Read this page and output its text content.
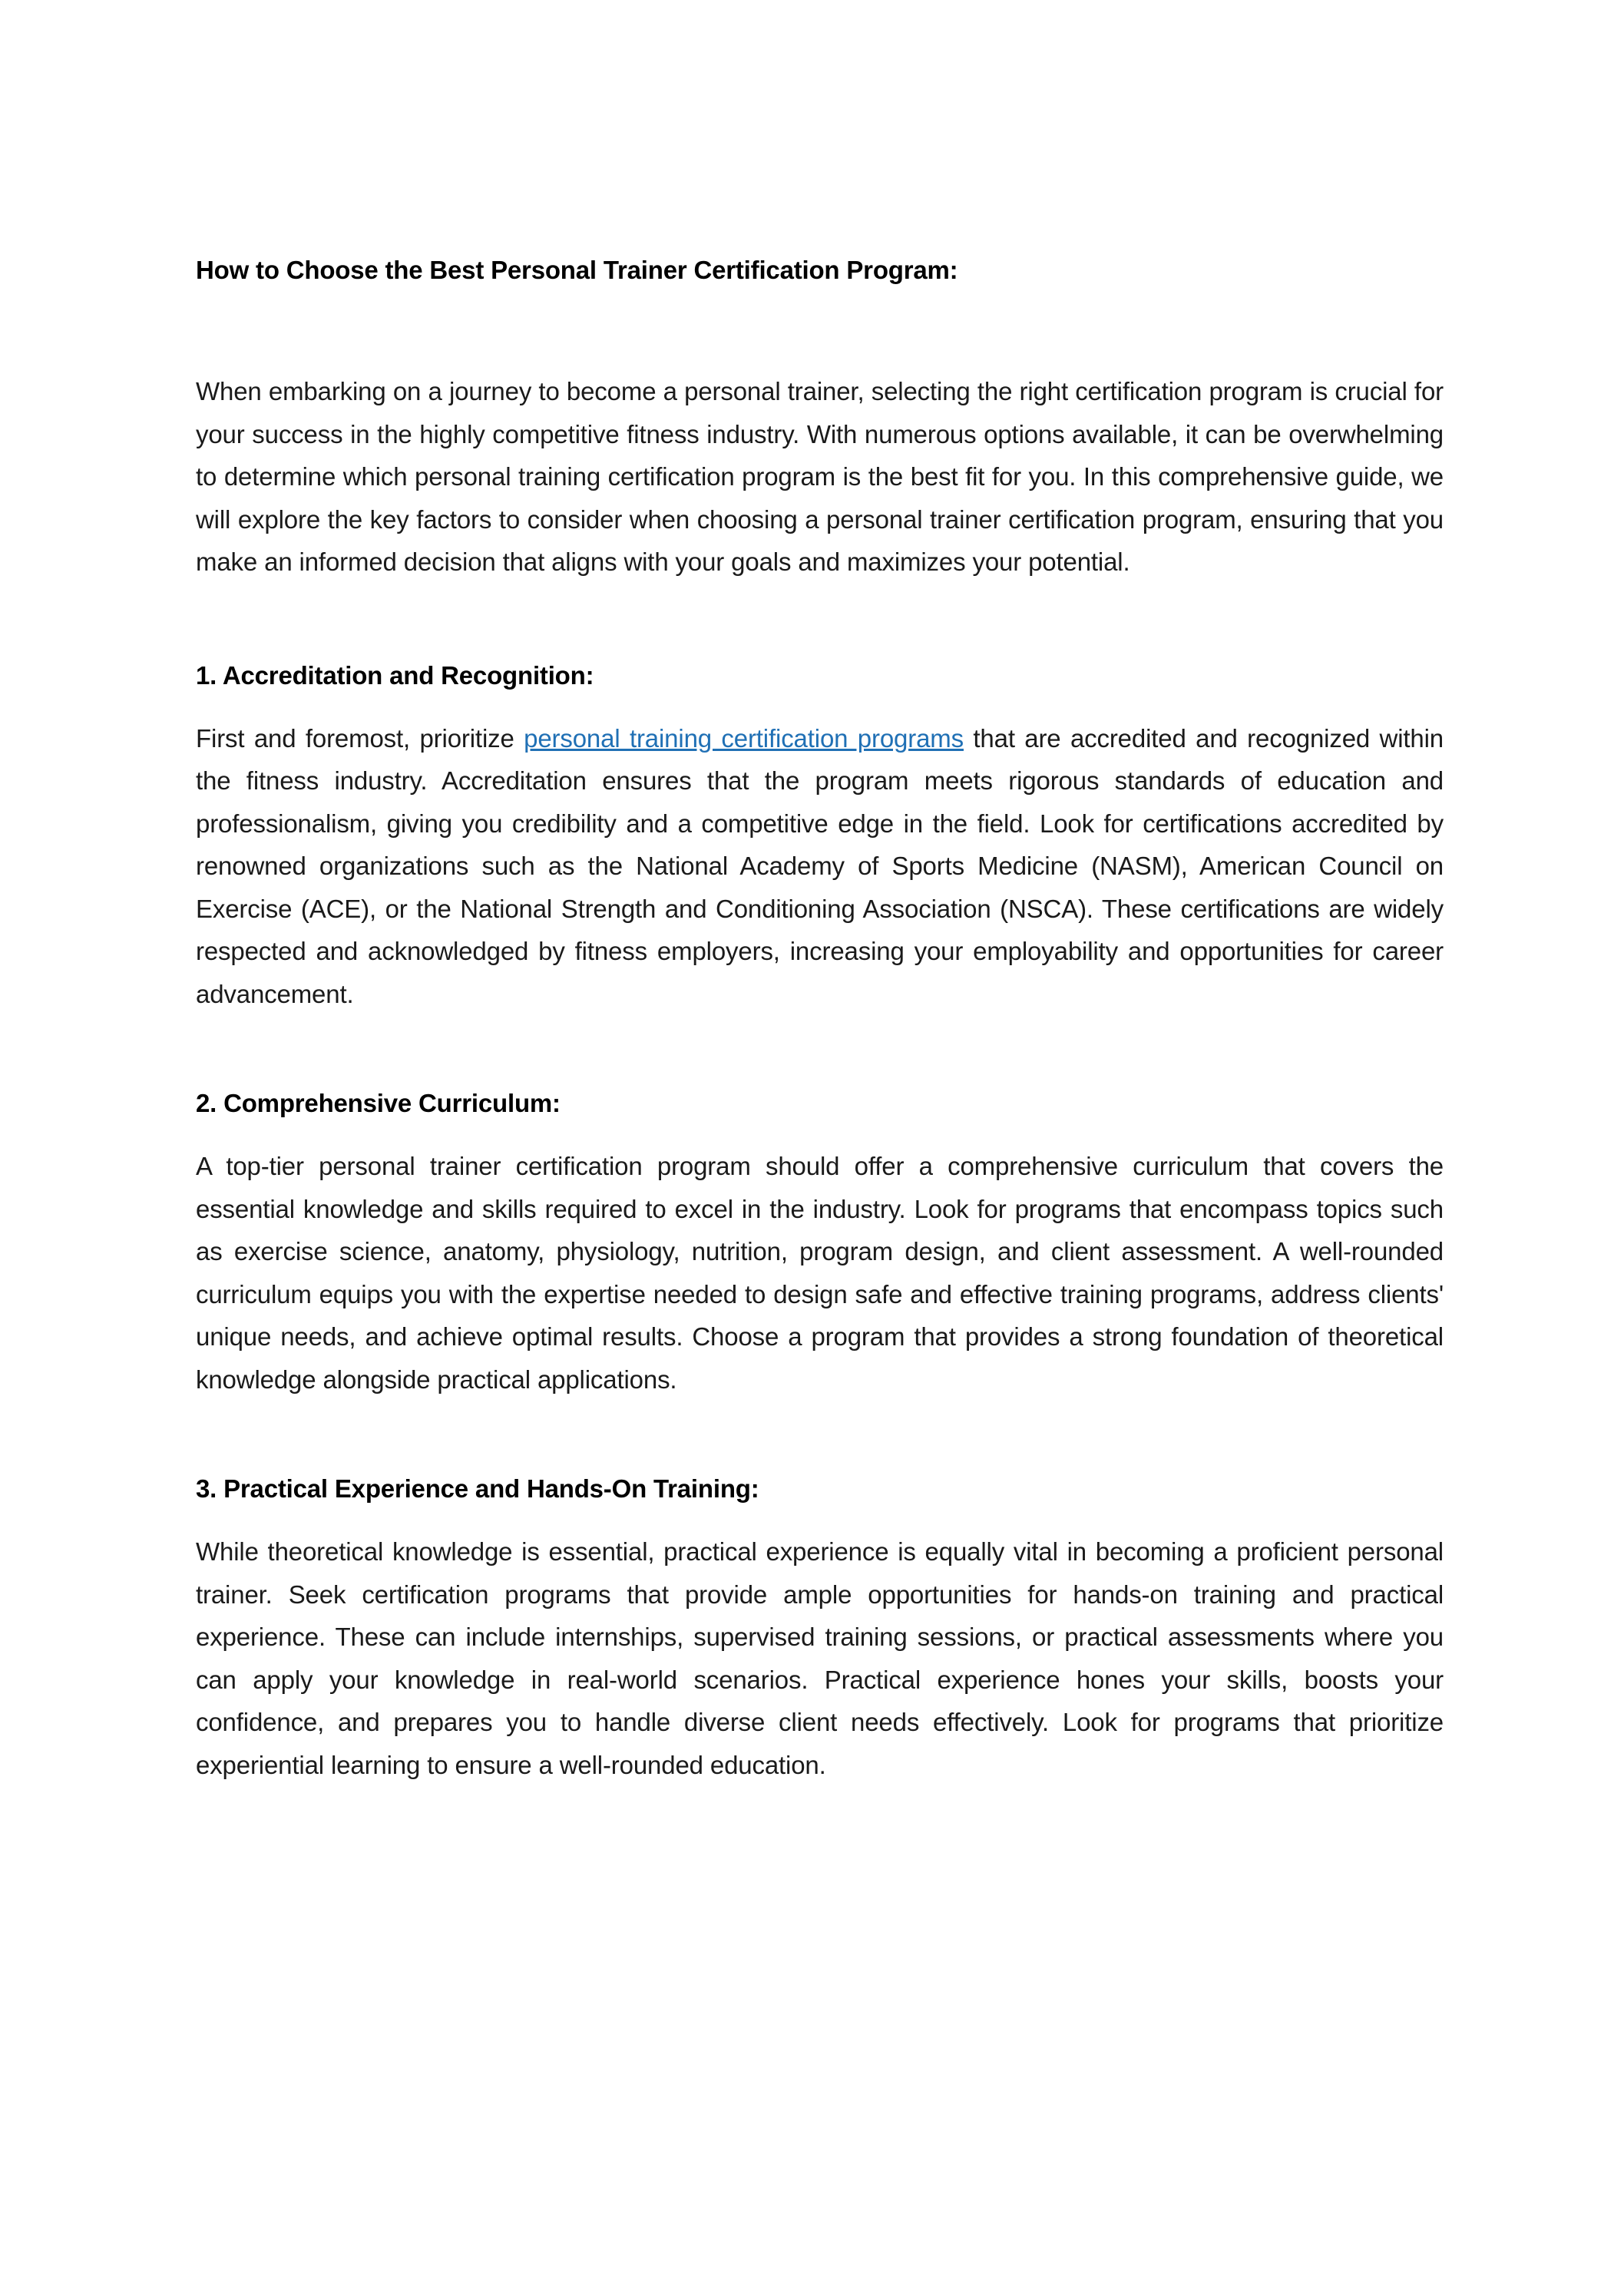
How to Choose the Best Personal Trainer Certification Program:

When embarking on a journey to become a personal trainer, selecting the right certification program is crucial for your success in the highly competitive fitness industry. With numerous options available, it can be overwhelming to determine which personal training certification program is the best fit for you. In this comprehensive guide, we will explore the key factors to consider when choosing a personal trainer certification program, ensuring that you make an informed decision that aligns with your goals and maximizes your potential.

1. Accreditation and Recognition:

First and foremost, prioritize personal training certification programs that are accredited and recognized within the fitness industry. Accreditation ensures that the program meets rigorous standards of education and professionalism, giving you credibility and a competitive edge in the field. Look for certifications accredited by renowned organizations such as the National Academy of Sports Medicine (NASM), American Council on Exercise (ACE), or the National Strength and Conditioning Association (NSCA). These certifications are widely respected and acknowledged by fitness employers, increasing your employability and opportunities for career advancement.

2. Comprehensive Curriculum:

A top-tier personal trainer certification program should offer a comprehensive curriculum that covers the essential knowledge and skills required to excel in the industry. Look for programs that encompass topics such as exercise science, anatomy, physiology, nutrition, program design, and client assessment. A well-rounded curriculum equips you with the expertise needed to design safe and effective training programs, address clients' unique needs, and achieve optimal results. Choose a program that provides a strong foundation of theoretical knowledge alongside practical applications.

3. Practical Experience and Hands-On Training:

While theoretical knowledge is essential, practical experience is equally vital in becoming a proficient personal trainer. Seek certification programs that provide ample opportunities for hands-on training and practical experience. These can include internships, supervised training sessions, or practical assessments where you can apply your knowledge in real-world scenarios. Practical experience hones your skills, boosts your confidence, and prepares you to handle diverse client needs effectively. Look for programs that prioritize experiential learning to ensure a well-rounded education.
